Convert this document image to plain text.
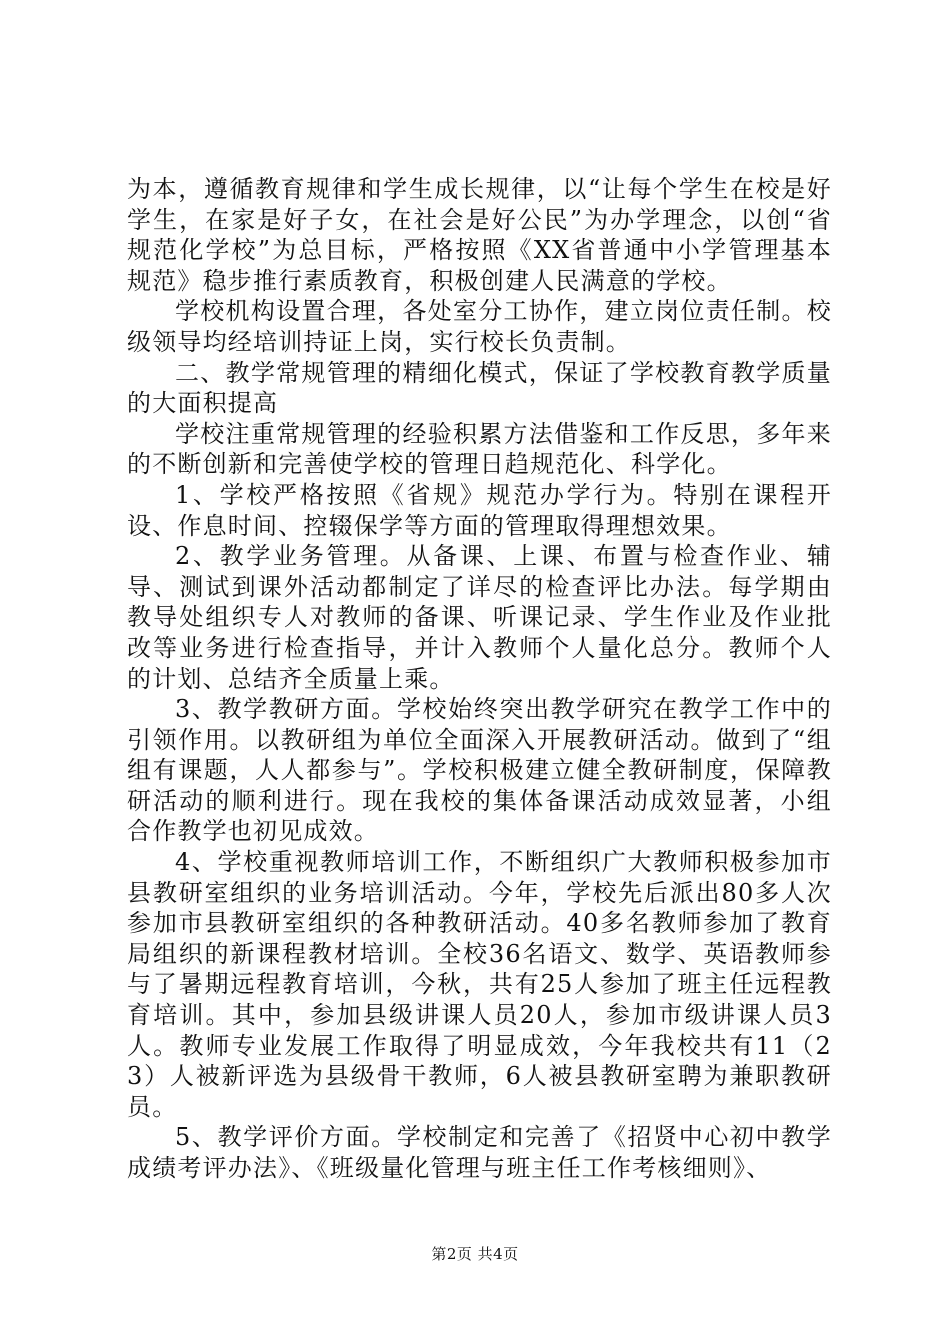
为本，遵循教育规律和学生成长规律，以“让每个学生在校是好学生，在家是好子女，在社会是好公民”为办学理念，以创“省规范化学校”为总目标，严格按照《XX省普通中小学管理基本规范》稳步推行素质教育，积极创建人民满意的学校。

学校机构设置合理，各处室分工协作，建立岗位责任制。校级领导均经培训持证上岗，实行校长负责制。

二、教学常规管理的精细化模式，保证了学校教育教学质量的大面积提高

学校注重常规管理的经验积累方法借鉴和工作反思，多年来的不断创新和完善使学校的管理日趋规范化、科学化。

1、学校严格按照《省规》规范办学行为。特别在课程开设、作息时间、控辍保学等方面的管理取得理想效果。

2、教学业务管理。从备课、上课、布置与检查作业、辅导、测试到课外活动都制定了详尽的检查评比办法。每学期由教导处组织专人对教师的备课、听课记录、学生作业及作业批改等业务进行检查指导，并计入教师个人量化总分。教师个人的计划、总结齐全质量上乘。

3、教学教研方面。学校始终突出教学研究在教学工作中的引领作用。以教研组为单位全面深入开展教研活动。做到了“组组有课题，人人都参与”。学校积极建立健全教研制度，保障教研活动的顺利进行。现在我校的集体备课活动成效显著，小组合作教学也初见成效。

4、学校重视教师培训工作，不断组织广大教师积极参加市县教研室组织的业务培训活动。今年，学校先后派出80多人次参加市县教研室组织的各种教研活动。40多名教师参加了教育局组织的新课程教材培训。全校36名语文、数学、英语教师参与了暑期远程教育培训，今秋，共有25人参加了班主任远程教育培训。其中，参加县级讲课人员20人，参加市级讲课人员3人。教师专业发展工作取得了明显成效，今年我校共有11（23）人被新评选为县级骨干教师，6人被县教研室聘为兼职教研员。

5、教学评价方面。学校制定和完善了《招贤中心初中教学成绩考评办法》、《班级量化管理与班主任工作考核细则》、

第2页 共4页
